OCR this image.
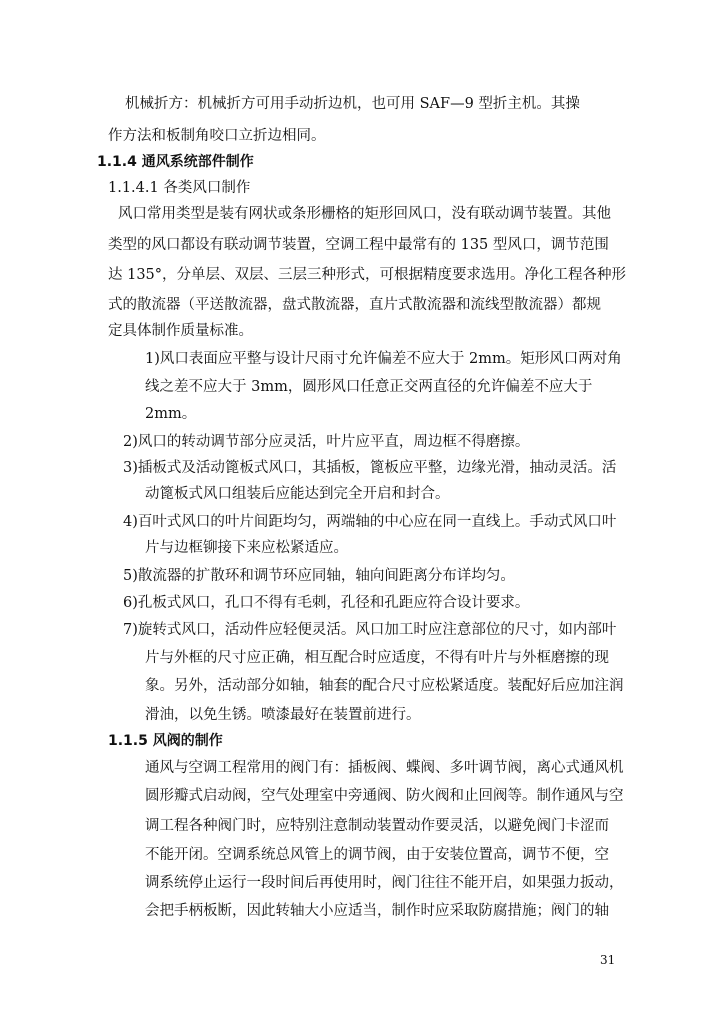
机械折方：机械折方可用手动折边机，也可用 SAF—9 型折主机。其操

作方法和板制角咬口立折边相同。

1.1.4 通风系统部件制作

1.1.4.1 各类风口制作

风口常用类型是装有网状或条形栅格的矩形回风口，没有联动调节装置。其他

类型的风口都设有联动调节装置，空调工程中最常有的 135 型风口，调节范围

达 135°，分单层、双层、三层三种形式，可根据精度要求选用。净化工程各种形

式的散流器（平送散流器，盘式散流器，直片式散流器和流线型散流器）都规

定具体制作质量标准。

1)风口表面应平整与设计尺雨寸允许偏差不应大于 2mm。矩形风口两对角

线之差不应大于 3mm，圆形风口任意正交两直径的允许偏差不应大于

2mm。

2)风口的转动调节部分应灵活，叶片应平直，周边框不得磨擦。

3)插板式及活动篦板式风口，其插板，篦板应平整，边缘光滑，抽动灵活。活

动篦板式风口组装后应能达到完全开启和封合。

4)百叶式风口的叶片间距均匀，两端轴的中心应在同一直线上。手动式风口叶

片与边框铆接下来应松紧适应。

5)散流器的扩散环和调节环应同轴，轴向间距离分布详均匀。

6)孔板式风口，孔口不得有毛刺，孔径和孔距应符合设计要求。

7)旋转式风口，活动件应轻便灵活。风口加工时应注意部位的尺寸，如内部叶

片与外框的尺寸应正确，相互配合时应适度，不得有叶片与外框磨擦的现

象。另外，活动部分如轴，轴套的配合尺寸应松紧适度。装配好后应加注润

滑油，以免生锈。喷漆最好在装置前进行。

1.1.5 风阀的制作

通风与空调工程常用的阀门有：插板阀、蝶阀、多叶调节阀，离心式通风机

圆形瓣式启动阀，空气处理室中旁通阀、防火阀和止回阀等。制作通风与空

调工程各种阀门时，应特别注意制动装置动作要灵活，以避免阀门卡涩而

不能开闭。空调系统总风管上的调节阀，由于安装位置高，调节不便，空

调系统停止运行一段时间后再使用时，阀门往往不能开启，如果强力扳动，

会把手柄板断，因此转轴大小应适当，制作时应采取防腐措施；阀门的轴

31
